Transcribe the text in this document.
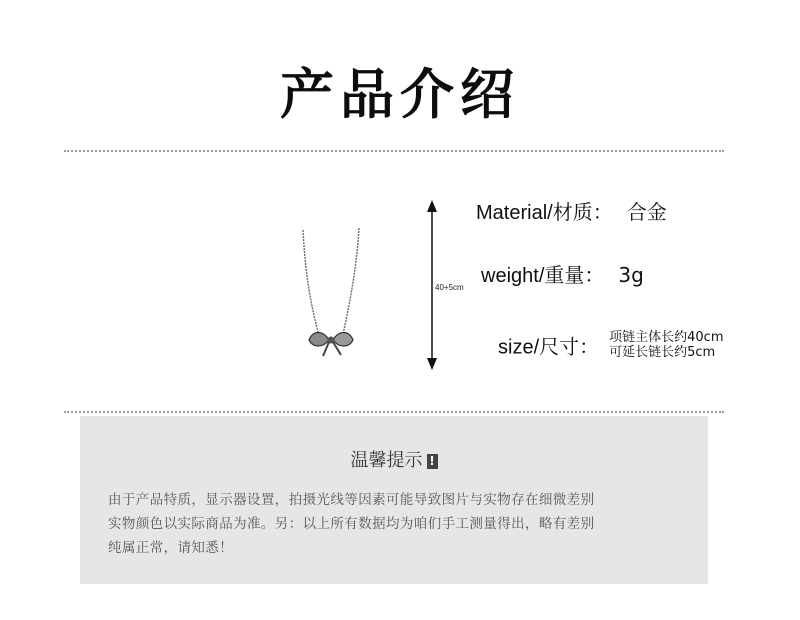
产品介绍
40+5cm
Material/材质： 合金
weight/重量： 3g
size/尺寸： 项链主体长约40cm
可延长链长约5cm
温馨提示 !
由于产品特质，显示器设置，拍摄光线等因素可能导致图片与实物存在细微差别
实物颜色以实际商品为准。另：以上所有数据均为咱们手工测量得出，略有差别
纯属正常，请知悉！
